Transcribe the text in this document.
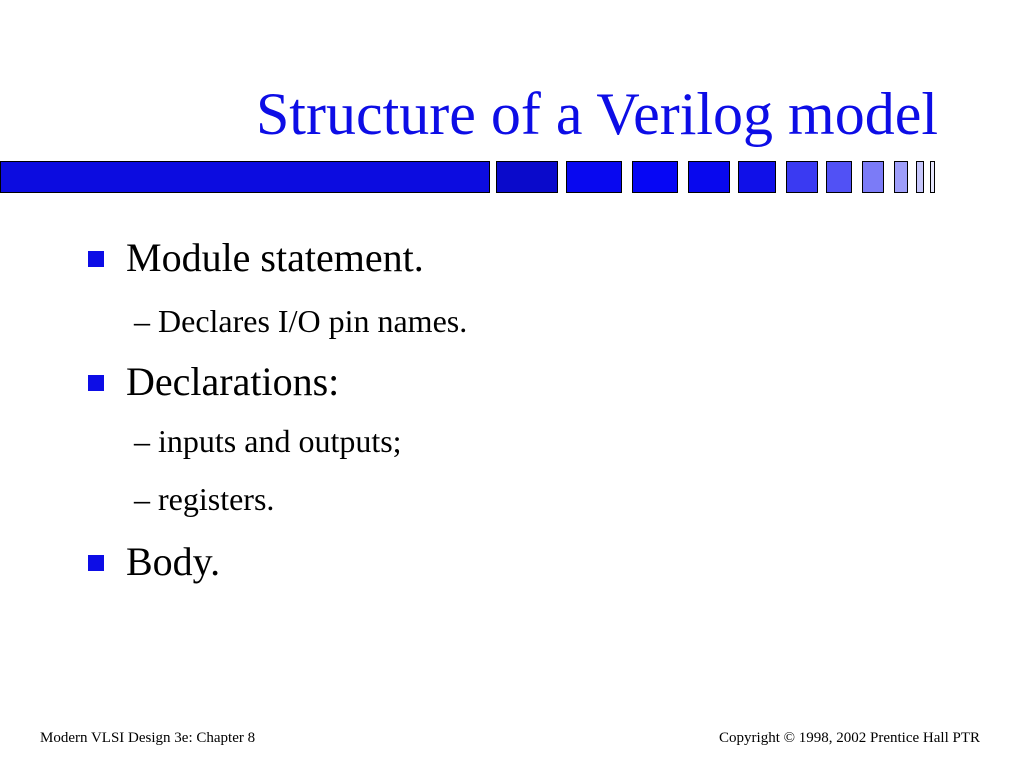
Structure of a Verilog model
Module statement.
– Declares I/O pin names.
Declarations:
– inputs and outputs;
– registers.
Body.
Modern VLSI Design 3e: Chapter 8	Copyright © 1998, 2002 Prentice Hall PTR
